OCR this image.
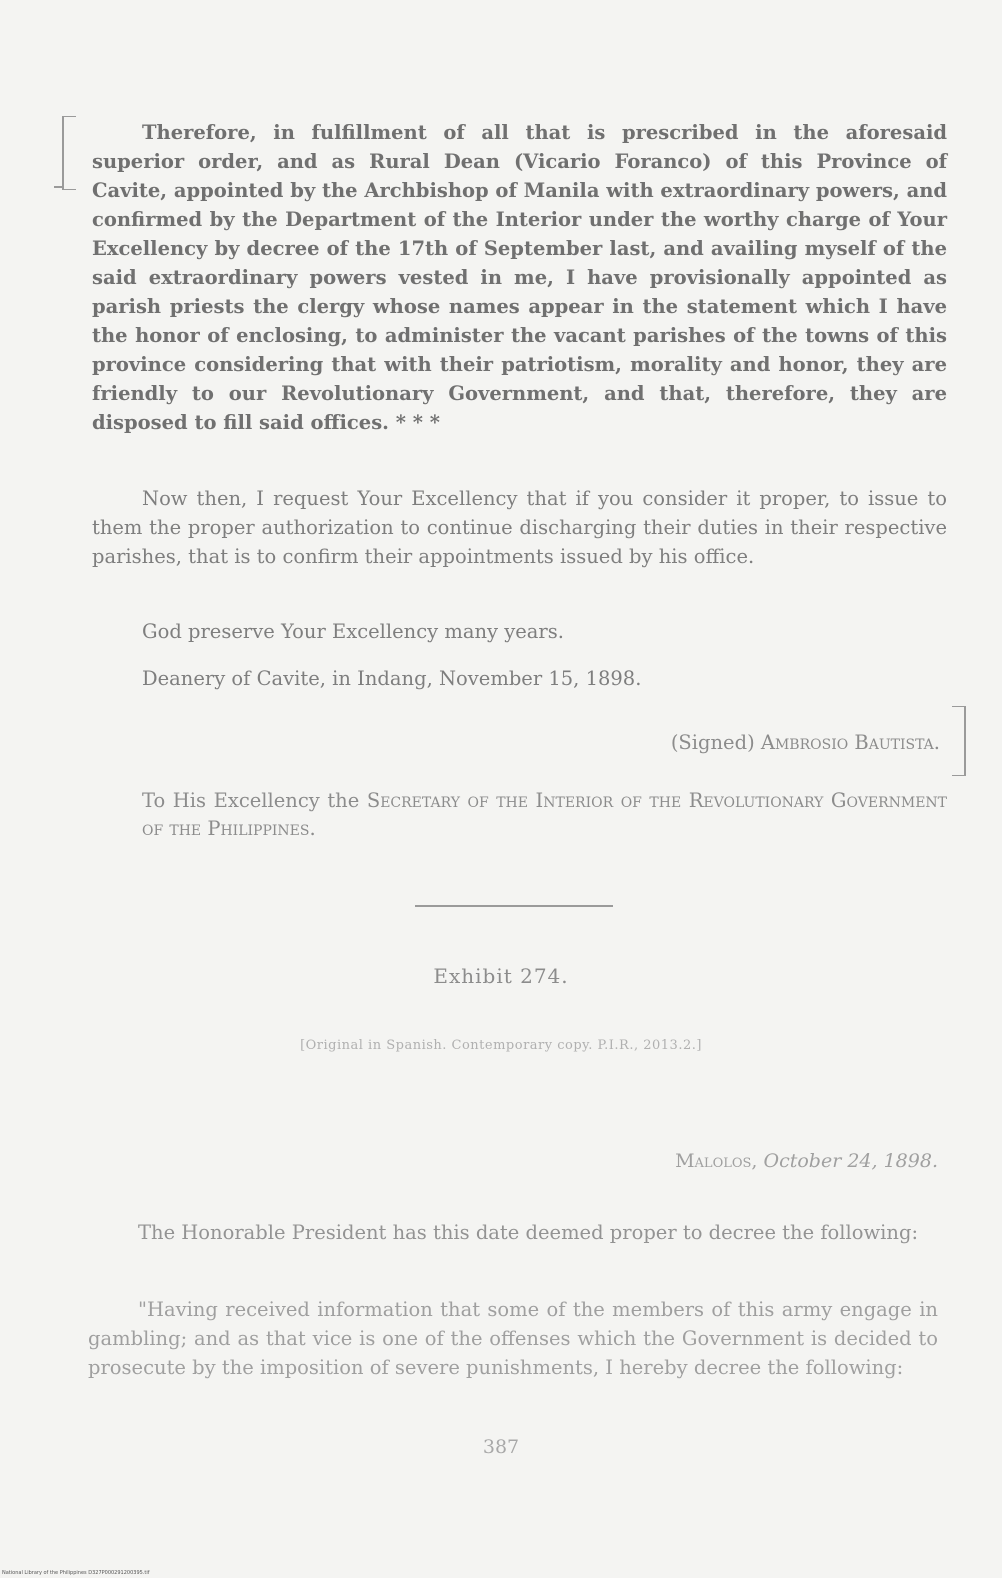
Therefore, in fulfillment of all that is prescribed in the aforesaid superior order, and as Rural Dean (Vicario Foranco) of this Province of Cavite, appointed by the Archbishop of Manila with extraordinary powers, and confirmed by the Department of the Interior under the worthy charge of Your Excellency by decree of the 17th of September last, and availing myself of the said extraordinary powers vested in me, I have provisionally appointed as parish priests the clergy whose names appear in the statement which I have the honor of enclosing, to administer the vacant parishes of the towns of this province considering that with their patriotism, morality and honor, they are friendly to our Revolutionary Government, and that, therefore, they are disposed to fill said offices. * * *

Now then, I request Your Excellency that if you consider it proper, to issue to them the proper authorization to continue discharging their duties in their respective parishes, that is to confirm their appointments issued by his office.

God preserve Your Excellency many years.

Deanery of Cavite, in Indang, November 15, 1898.

(Signed) Ambrosio Bautista.
To His Excellency the Secretary of the Interior of the Revolutionary Government of the Philippines.
Exhibit 274.
[Original in Spanish. Contemporary copy. P.I.R., 2013.2.]
Malolos, October 24, 1898.

The Honorable President has this date deemed proper to decree the following:

"Having received information that some of the members of this army engage in gambling; and as that vice is one of the offenses which the Government is decided to prosecute by the imposition of severe punishments, I hereby decree the following:

387
National Library of the Philippines D327P000291200395.tif
